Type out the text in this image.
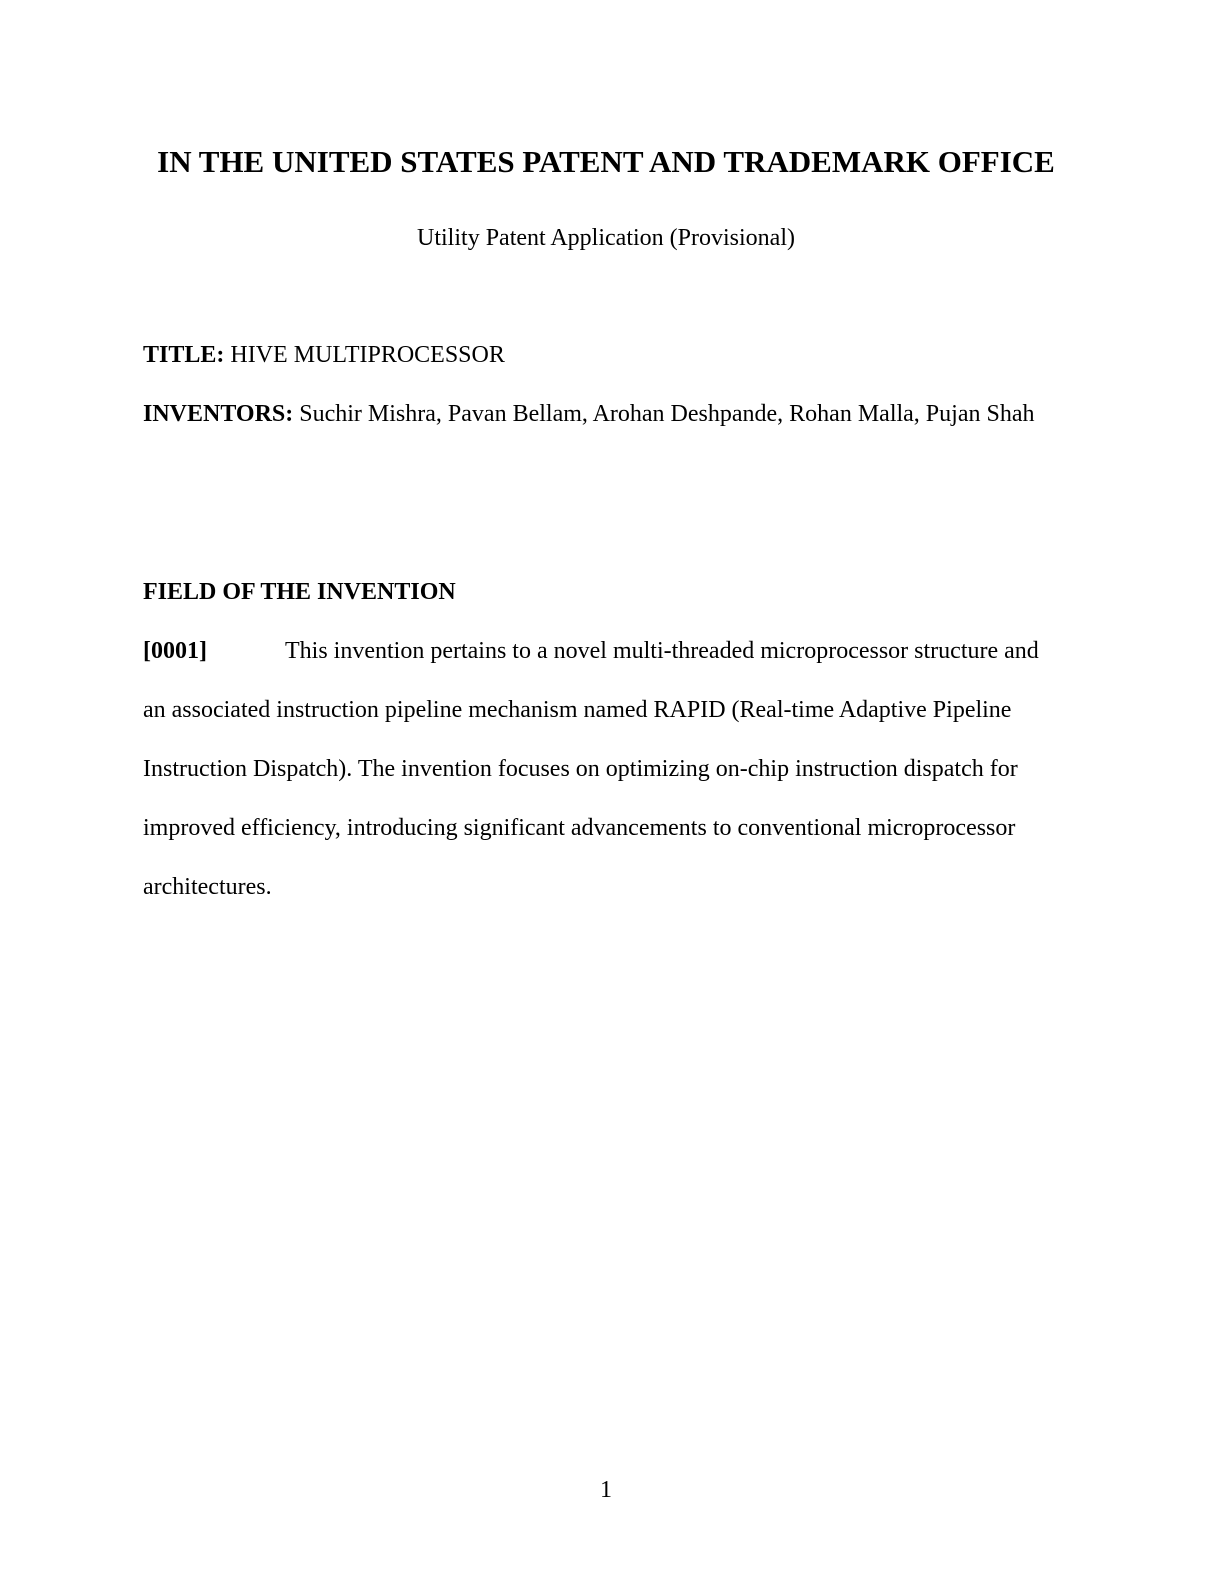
IN THE UNITED STATES PATENT AND TRADEMARK OFFICE

Utility Patent Application (Provisional)

TITLE: HIVE MULTIPROCESSOR

INVENTORS: Suchir Mishra, Pavan Bellam, Arohan Deshpande, Rohan Malla, Pujan Shah

FIELD OF THE INVENTION

[0001]	This invention pertains to a novel multi-threaded microprocessor structure and an associated instruction pipeline mechanism named RAPID (Real-time Adaptive Pipeline Instruction Dispatch). The invention focuses on optimizing on-chip instruction dispatch for improved efficiency, introducing significant advancements to conventional microprocessor architectures.

1
